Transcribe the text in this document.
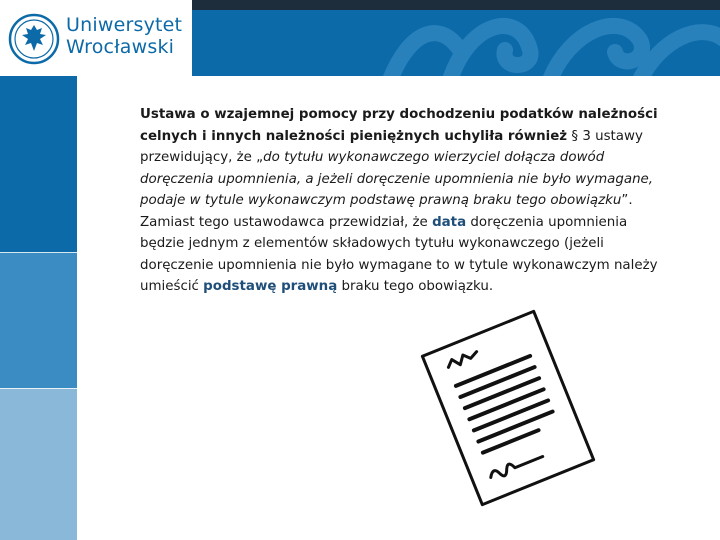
Uniwersytet
Wrocławski

Ustawa o wzajemnej pomocy przy dochodzeniu podatków należności celnych i innych należności pieniężnych uchyliła również § 3 ustawy przewidujący, że „do tytułu wykonawczego wierzyciel dołącza dowód doręczenia upomnienia, a jeżeli doręczenie upomnienia nie było wymagane, podaje w tytule wykonawczym podstawę prawną braku tego obowiązku”. Zamiast tego ustawodawca przewidział, że data doręczenia upomnienia będzie jednym z elementów składowych tytułu wykonawczego (jeżeli doręczenie upomnienia nie było wymagane to w tytule wykonawczym należy umieścić podstawę prawną braku tego obowiązku.
